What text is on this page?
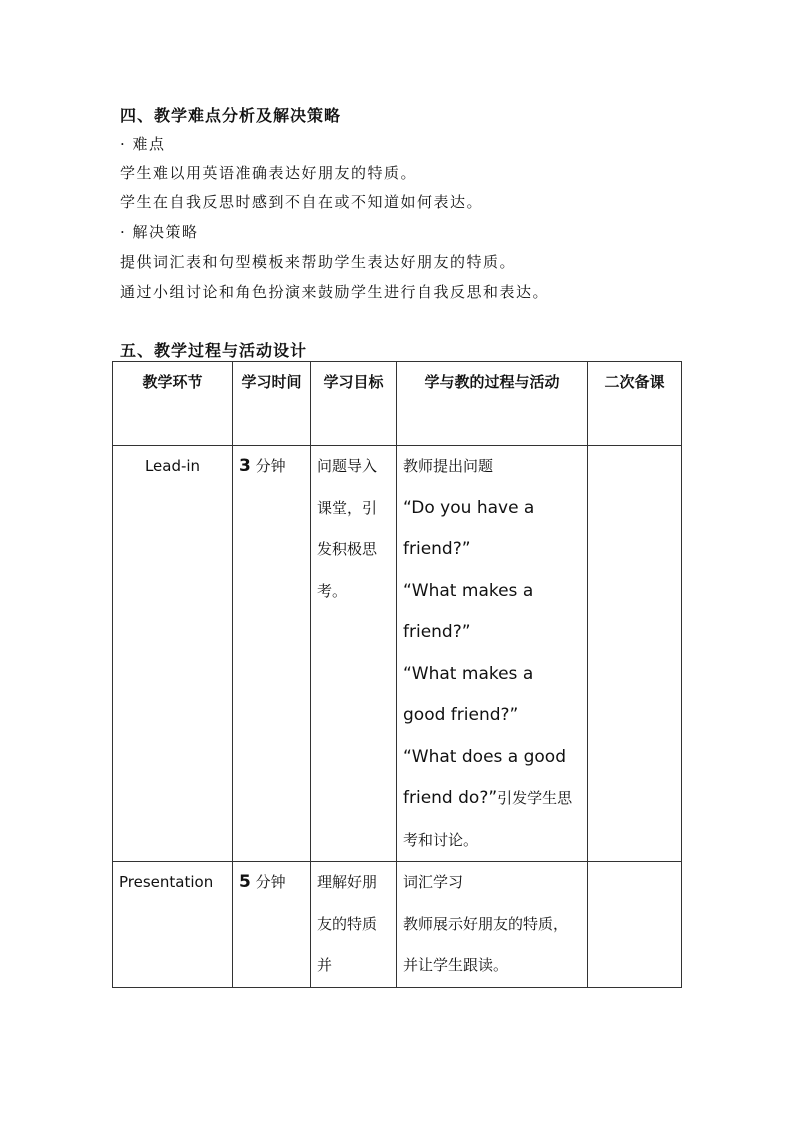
四、教学难点分析及解决策略
· 难点
学生难以用英语准确表达好朋友的特质。
学生在自我反思时感到不自在或不知道如何表达。
· 解决策略
提供词汇表和句型模板来帮助学生表达好朋友的特质。
通过小组讨论和角色扮演来鼓励学生进行自我反思和表达。
五、教学过程与活动设计
教学环节	学习时间	学习目标	学与教的过程与活动	二次备课
Lead-in	3 分钟	问题导入课堂，引发积极思考。	教师提出问题
“Do you have a friend?”
“What makes a friend?”
“What makes a good friend?”
“What does a good friend do?”引发学生思考和讨论。	

Presentation	5 分钟	理解好朋友的特质并	词汇学习
教师展示好朋友的特质，并让学生跟读。	
